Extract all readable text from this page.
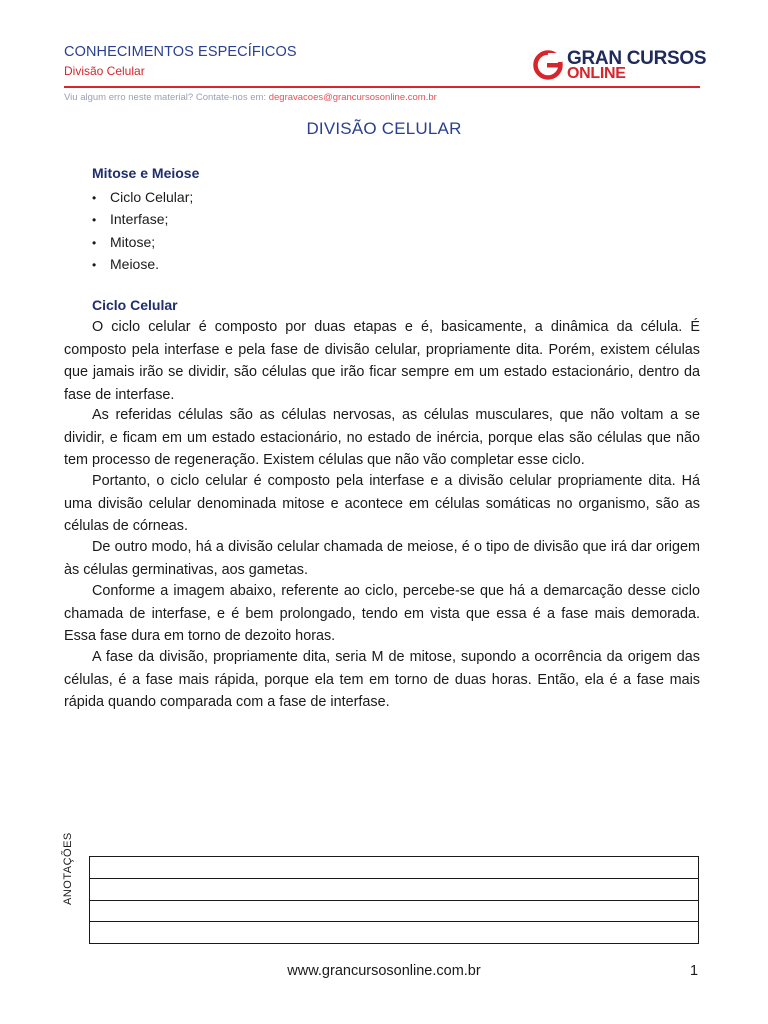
CONHECIMENTOS ESPECÍFICOS
Divisão Celular
GRAN CURSOS
ONLINE
Viu algum erro neste material? Contate-nos em: degravacoes@grancursosonline.com.br
DIVISÃO CELULAR
Mitose e Meiose
• Ciclo Celular;
• Interfase;
• Mitose;
• Meiose.
Ciclo Celular

O ciclo celular é composto por duas etapas e é, basicamente, a dinâmica da célula. É composto pela interfase e pela fase de divisão celular, propriamente dita. Porém, existem células que jamais irão se dividir, são células que irão ficar sempre em um estado estacionário, dentro da fase de interfase.

As referidas células são as células nervosas, as células musculares, que não voltam a se dividir, e ficam em um estado estacionário, no estado de inércia, porque elas são células que não tem processo de regeneração. Existem células que não vão completar esse ciclo.

Portanto, o ciclo celular é composto pela interfase e a divisão celular propriamente dita. Há uma divisão celular denominada mitose e acontece em células somáticas no organismo, são as células de córneas.

De outro modo, há a divisão celular chamada de meiose, é o tipo de divisão que irá dar origem às células germinativas, aos gametas.

Conforme a imagem abaixo, referente ao ciclo, percebe-se que há a demarcação desse ciclo chamada de interfase, e é bem prolongado, tendo em vista que essa é a fase mais demorada. Essa fase dura em torno de dezoito horas.

A fase da divisão, propriamente dita, seria M de mitose, supondo a ocorrência da origem das células, é a fase mais rápida, porque ela tem em torno de duas horas. Então, ela é a fase mais rápida quando comparada com a fase de interfase.

ANOTAÇÕES
www.grancursosonline.com.br	1
